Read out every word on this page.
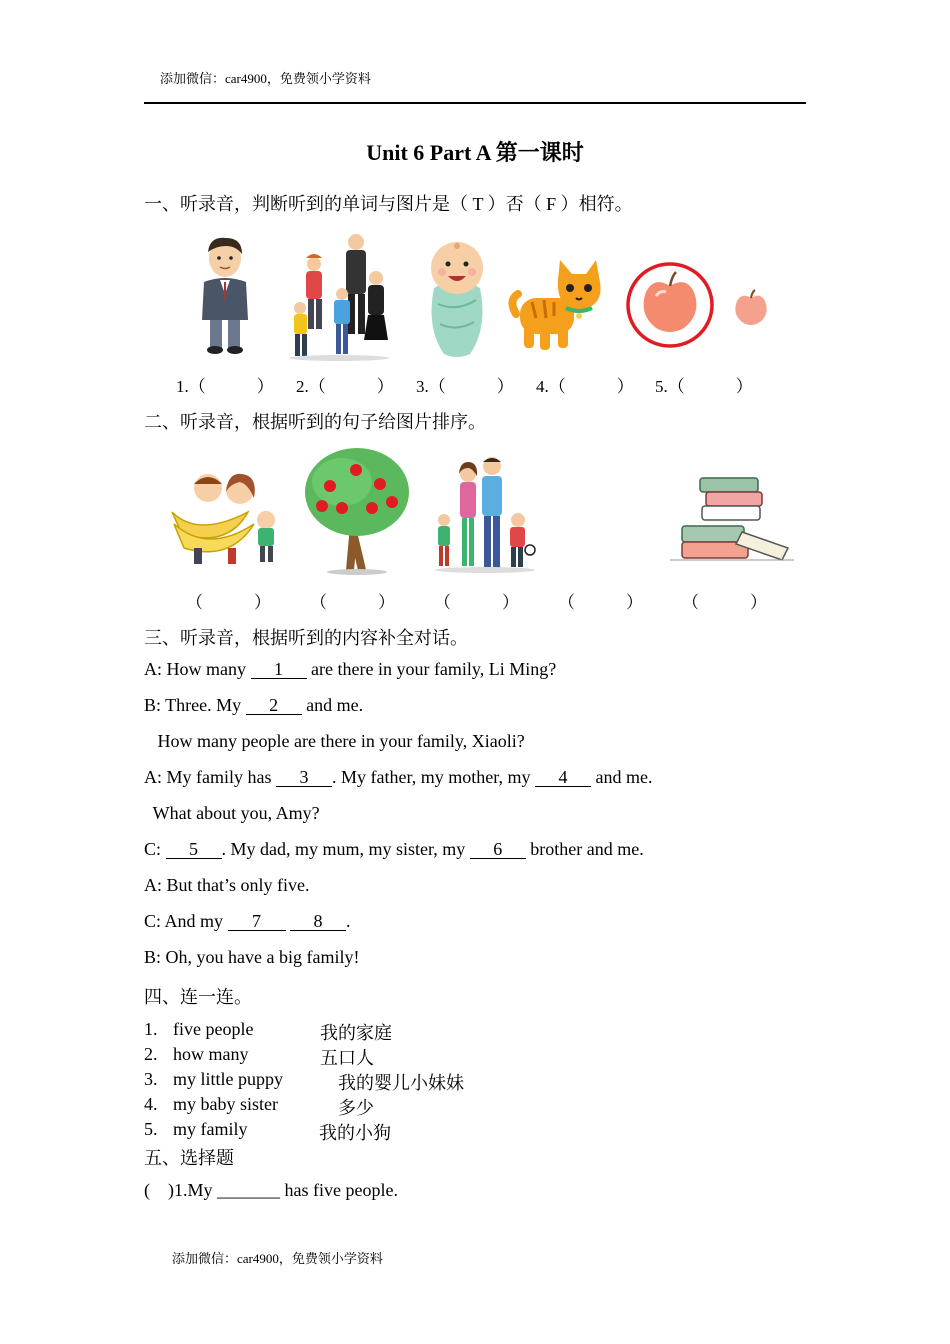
添加微信：car4900，免费领小学资料
Unit 6 Part A 第一课时
一、听录音，判断听到的单词与图片是（ T ）否（ F ）相符。
1.（　　　） 2.（　　　） 3.（　　　） 4.（　　　） 5.（　　　）
二、听录音，根据听到的句子给图片排序。
（　　　） （　　　） （　　　） （　　　） （　　　）
三、听录音，根据听到的内容补全对话。
A: How many 1 are there in your family, Li Ming?
B: Three. My 2 and me.
How many people are there in your family, Xiaoli?
A: My family has 3 . My father, my mother, my 4 and me.
What about you, Amy?
C: 5 . My dad, my mum, my sister, my 6 brother and me.
A: But that’s only five.
C: And my 7	8 .
B: Oh, you have a big family!
四、连一连。
1. five people
2. how many
3. my little puppy
4. my baby sister
5. my family
我的家庭
五口人
我的婴儿小妹妹
多少
我的小狗
五、选择题
(    )1.My _______ has five people.
添加微信：car4900，免费领小学资料
